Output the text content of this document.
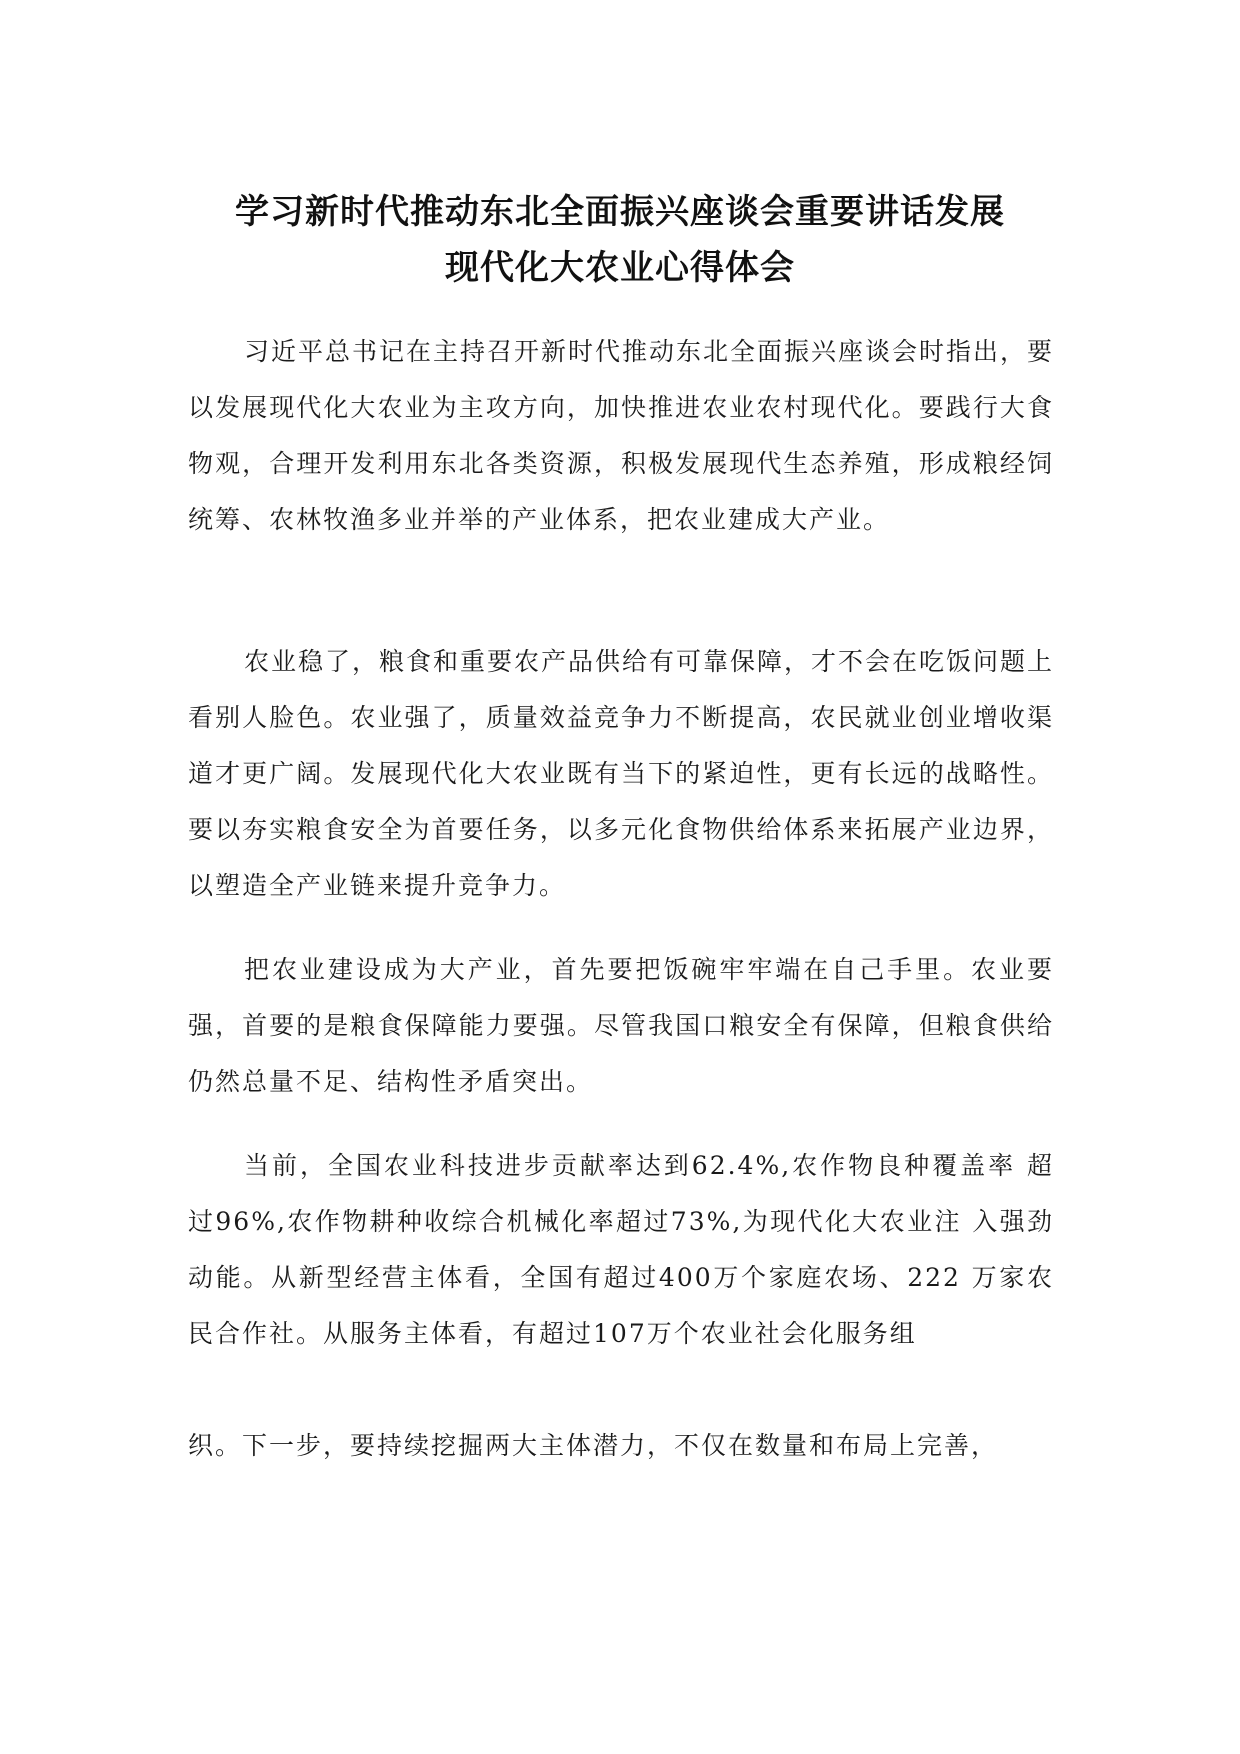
学习新时代推动东北全面振兴座谈会重要讲话发展
现代化大农业心得体会

习近平总书记在主持召开新时代推动东北全面振兴座谈会时指出，要以发展现代化大农业为主攻方向，加快推进农业农村现代化。要践行大食物观，合理开发利用东北各类资源，积极发展现代生态养殖，形成粮经饲统筹、农林牧渔多业并举的产业体系，把农业建成大产业。

农业稳了，粮食和重要农产品供给有可靠保障，才不会在吃饭问题上看别人脸色。农业强了，质量效益竞争力不断提高，农民就业创业增收渠道才更广阔。发展现代化大农业既有当下的紧迫性，更有长远的战略性。要以夯实粮食安全为首要任务，以多元化食物供给体系来拓展产业边界，以塑造全产业链来提升竞争力。

把农业建设成为大产业，首先要把饭碗牢牢端在自己手里。农业要强，首要的是粮食保障能力要强。尽管我国口粮安全有保障，但粮食供给仍然总量不足、结构性矛盾突出。

当前，全国农业科技进步贡献率达到62.4%,农作物良种覆盖率 超过96%,农作物耕种收综合机械化率超过73%,为现代化大农业注 入强劲动能。从新型经营主体看，全国有超过400万个家庭农场、222 万家农民合作社。从服务主体看，有超过107万个农业社会化服务组

织。下一步，要持续挖掘两大主体潜力，不仅在数量和布局上完善，
